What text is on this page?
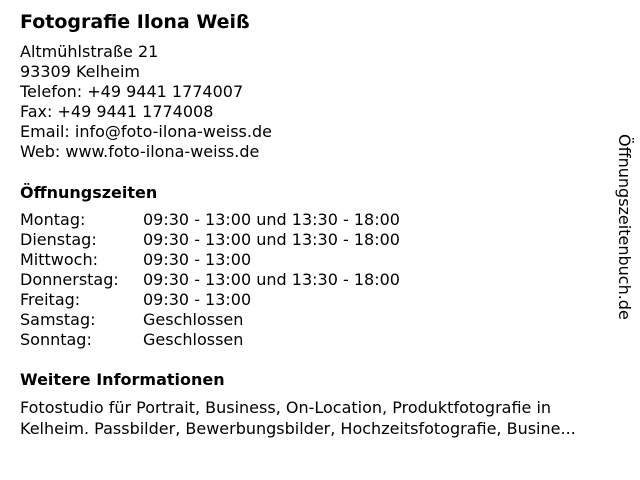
Fotografie Ilona Weiß
Altmühlstraße 21
93309 Kelheim
Telefon: +49 9441 1774007
Fax: +49 9441 1774008
Email: info@foto-ilona-weiss.de
Web: www.foto-ilona-weiss.de
Öffnungszeiten
Montag:	09:30 - 13:00 und 13:30 - 18:00
Dienstag:	09:30 - 13:00 und 13:30 - 18:00
Mittwoch:	09:30 - 13:00
Donnerstag:	09:30 - 13:00 und 13:30 - 18:00
Freitag:	09:30 - 13:00
Samstag:	Geschlossen
Sonntag:	Geschlossen
Weitere Informationen
Fotostudio für Portrait, Business, On-Location, Produktfotografie in
Kelheim. Passbilder, Bewerbungsbilder, Hochzeitsfotografie, Busine...
Öffnungszeitenbuch.de
